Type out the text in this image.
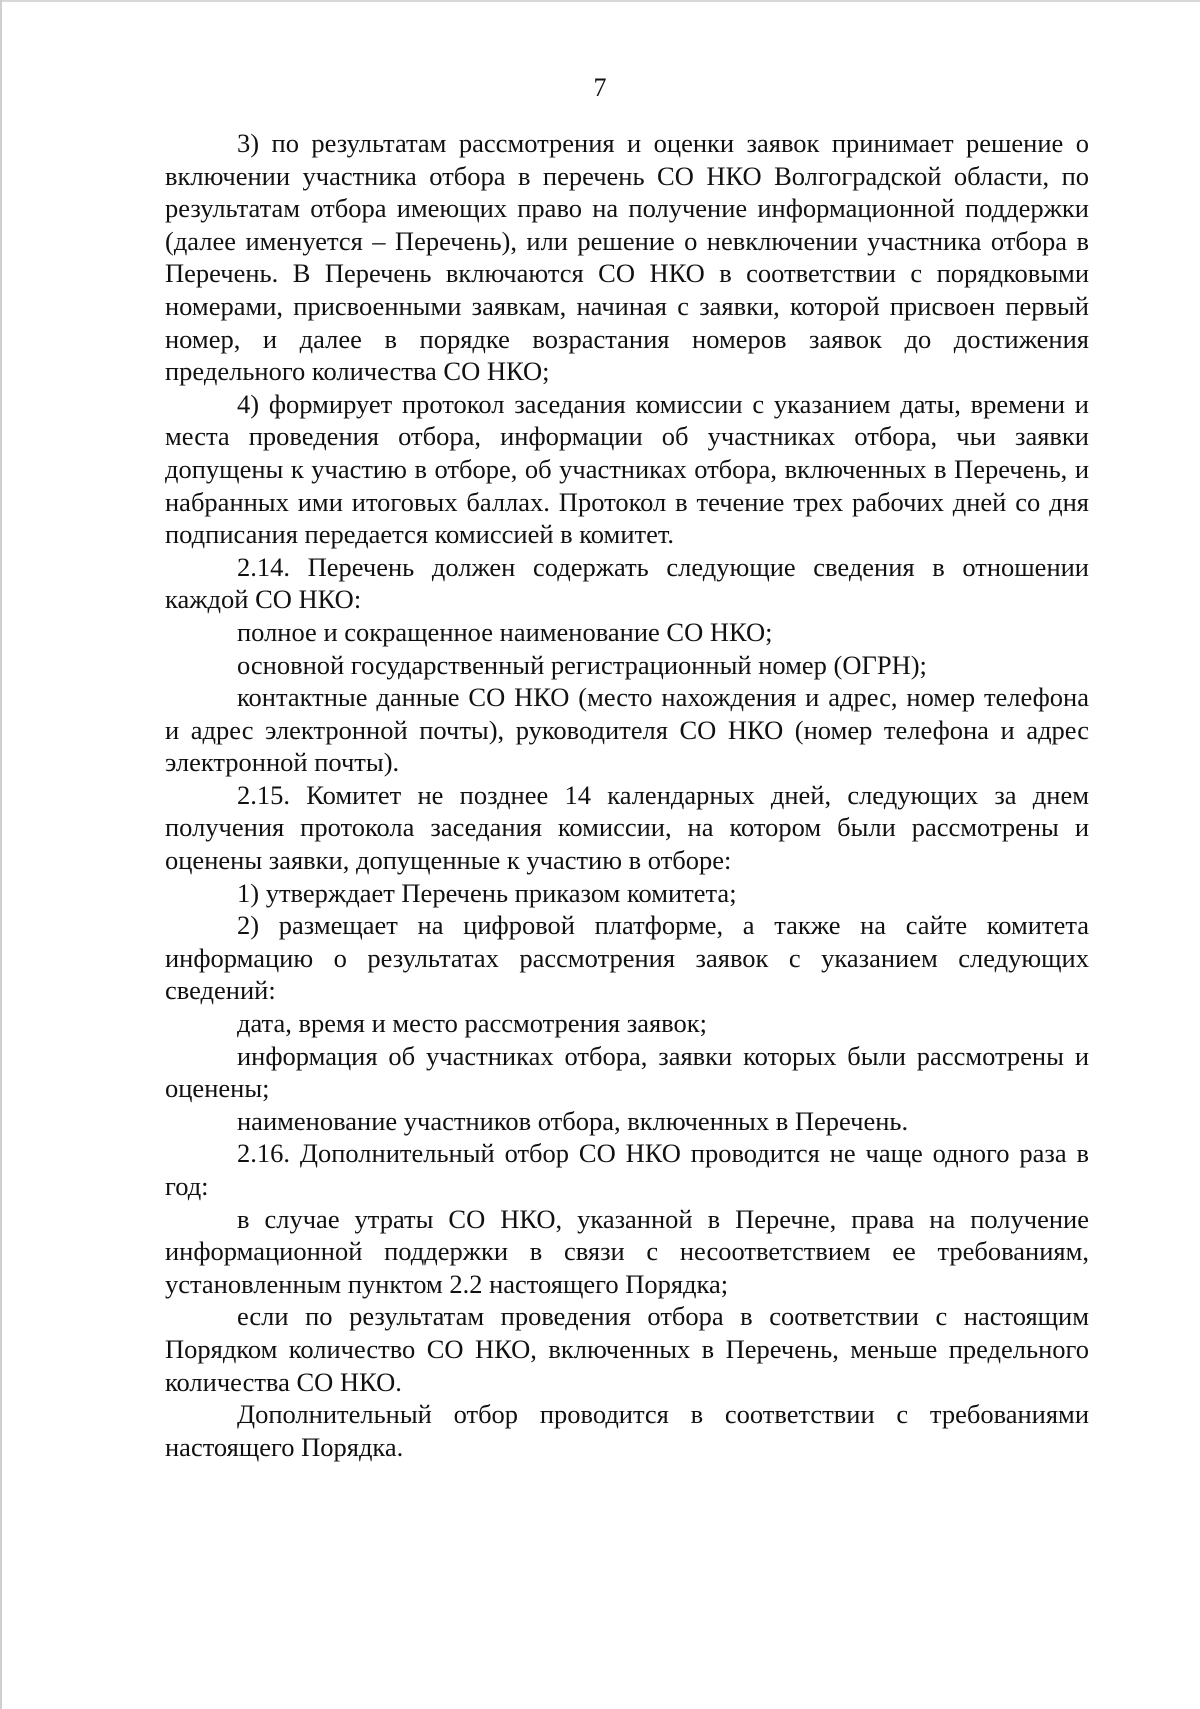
7

3) по результатам рассмотрения и оценки заявок принимает решение о включении участника отбора в перечень СО НКО Волгоградской области, по результатам отбора имеющих право на получение информационной поддержки (далее именуется – Перечень), или решение о невключении участника отбора в Перечень. В Перечень включаются СО НКО в соответствии с порядковыми номерами, присвоенными заявкам, начиная с заявки, которой присвоен первый номер, и далее в порядке возрастания номеров заявок до достижения предельного количества СО НКО;

4) формирует протокол заседания комиссии с указанием даты, времени и места проведения отбора, информации об участниках отбора, чьи заявки допущены к участию в отборе, об участниках отбора, включенных в Перечень, и набранных ими итоговых баллах. Протокол в течение трех рабочих дней со дня подписания передается комиссией в комитет.

2.14. Перечень должен содержать следующие сведения в отношении каждой СО НКО:

полное и сокращенное наименование СО НКО;

основной государственный регистрационный номер (ОГРН);

контактные данные СО НКО (место нахождения и адрес, номер телефона и адрес электронной почты), руководителя СО НКО (номер телефона и адрес электронной почты).

2.15. Комитет не позднее 14 календарных дней, следующих за днем получения протокола заседания комиссии, на котором были рассмотрены и оценены заявки, допущенные к участию в отборе:

1) утверждает Перечень приказом комитета;

2) размещает на цифровой платформе, а также на сайте комитета информацию о результатах рассмотрения заявок с указанием следующих сведений:

дата, время и место рассмотрения заявок;

информация об участниках отбора, заявки которых были рассмотрены и оценены;

наименование участников отбора, включенных в Перечень.

2.16. Дополнительный отбор СО НКО проводится не чаще одного раза в год:

в случае утраты СО НКО, указанной в Перечне, права на получение информационной поддержки в связи с несоответствием ее требованиям, установленным пунктом 2.2 настоящего Порядка;

если по результатам проведения отбора в соответствии с настоящим Порядком количество СО НКО, включенных в Перечень, меньше предельного количества СО НКО.

Дополнительный отбор проводится в соответствии с требованиями настоящего Порядка.
